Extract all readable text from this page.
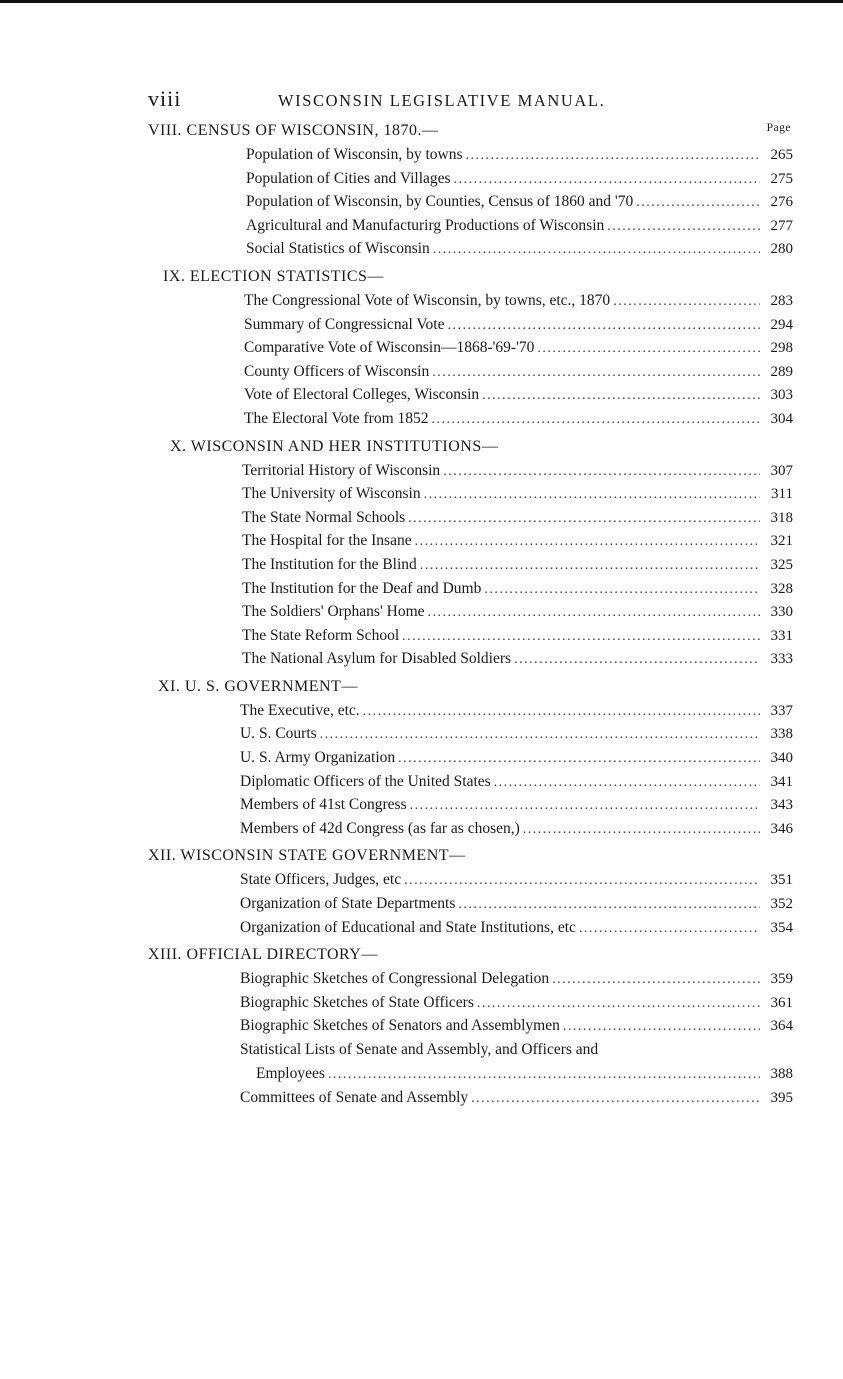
viii	WISCONSIN LEGISLATIVE MANUAL.
VIII. CENSUS OF WISCONSIN, 1870.—	Page
Population of Wisconsin, by towns . . .	265
Population of Cities and Villages . . .	275
Population of Wisconsin, by Counties, Census of 1860 and '70 . . .	276
Agricultural and Manufacturirg Productions of Wisconsin . . .	277
Social Statistics of Wisconsin . . .	280
IX. ELECTION STATISTICS—
The Congressional Vote of Wisconsin, by towns, etc., 1870 . . .	283
Summary of Congressicnal Vote . . .	294
Comparative Vote of Wisconsin—1868-'69-'70 . . .	298
County Officers of Wisconsin . . .	289
Vote of Electoral Colleges, Wisconsin . . .	303
The Electoral Vote from 1852 . . .	304
X. WISCONSIN AND HER INSTITUTIONS—
Territorial History of Wisconsin . . .	307
The University of Wisconsin . . .	311
The State Normal Schools . . .	318
The Hospital for the Insane . . .	321
The Institution for the Blind . . .	325
The Institution for the Deaf and Dumb . . .	328
The Soldiers' Orphans' Home . . .	330
The State Reform School . . .	331
The National Asylum for Disabled Soldiers . . .	333
XI. U. S. GOVERNMENT—
The Executive, etc. . . .	337
U. S. Courts . . .	338
U. S. Army Organization . . .	340
Diplomatic Officers of the United States . . .	341
Members of 41st Congress . . .	343
Members of 42d Congress (as far as chosen,) . . .	346
XII. WISCONSIN STATE GOVERNMENT—
State Officers, Judges, etc . . .	351
Organization of State Departments . . .	352
Organization of Educational and State Institutions, etc . . .	354
XIII. OFFICIAL DIRECTORY—
Biographic Sketches of Congressional Delegation . . .	359
Biographic Sketches of State Officers . . .	361
Biographic Sketches of Senators and Assemblymen . . .	364
Statistical Lists of Senate and Assembly, and Officers and
Employees . . .	388
Committees of Senate and Assembly . . .	395
